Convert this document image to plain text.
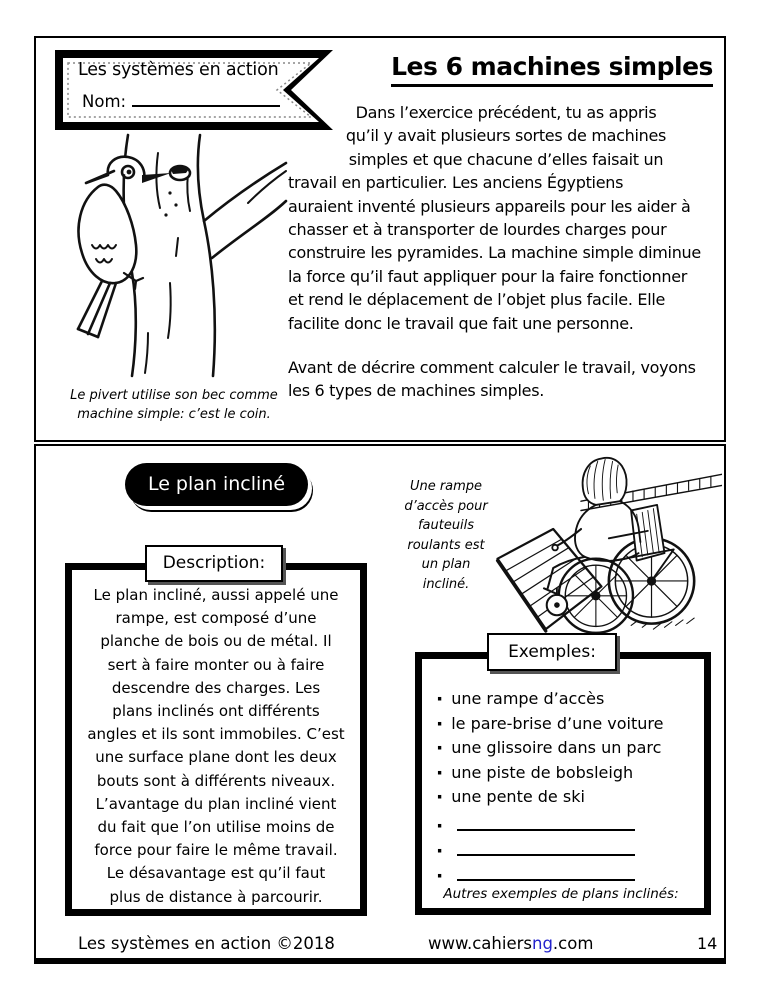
Les systèmes en action
Nom:
Les 6 machines simples
Dans l’exercice précédent, tu as appris
qu’il y avait plusieurs sortes de machines
simples et que chacune d’elles faisait un
travail en particulier. Les anciens Égyptiens
auraient inventé plusieurs appareils pour les aider à
chasser et à transporter de lourdes charges pour
construire les pyramides. La machine simple diminue
la force qu’il faut appliquer pour la faire fonctionner
et rend le déplacement de l’objet plus facile. Elle
facilite donc le travail que fait une personne.
Avant de décrire comment calculer le travail, voyons
les 6 types de machines simples.
Le pivert utilise son bec comme
machine simple: c’est le coin.
Le plan incliné	Une rampe
d’accès pour
fauteuils
roulants est
un plan
incliné.
Description:
Le plan incliné, aussi appelé une
rampe, est composé d’une
planche de bois ou de métal. Il
sert à faire monter ou à faire
descendre des charges. Les
plans inclinés ont différents
angles et ils sont immobiles. C’est
une surface plane dont les deux
bouts sont à différents niveaux.
L’avantage du plan incliné vient
du fait que l’on utilise moins de
force pour faire le même travail.
Le désavantage est qu’il faut
plus de distance à parcourir.
Exemples:
· une rampe d’accès
· le pare-brise d’une voiture
· une glissoire dans un parc
· une piste de bobsleigh
· une pente de ski
·
·
·
Autres exemples de plans inclinés:
Les systèmes en action ©2018	www.cahiersng.com	14
